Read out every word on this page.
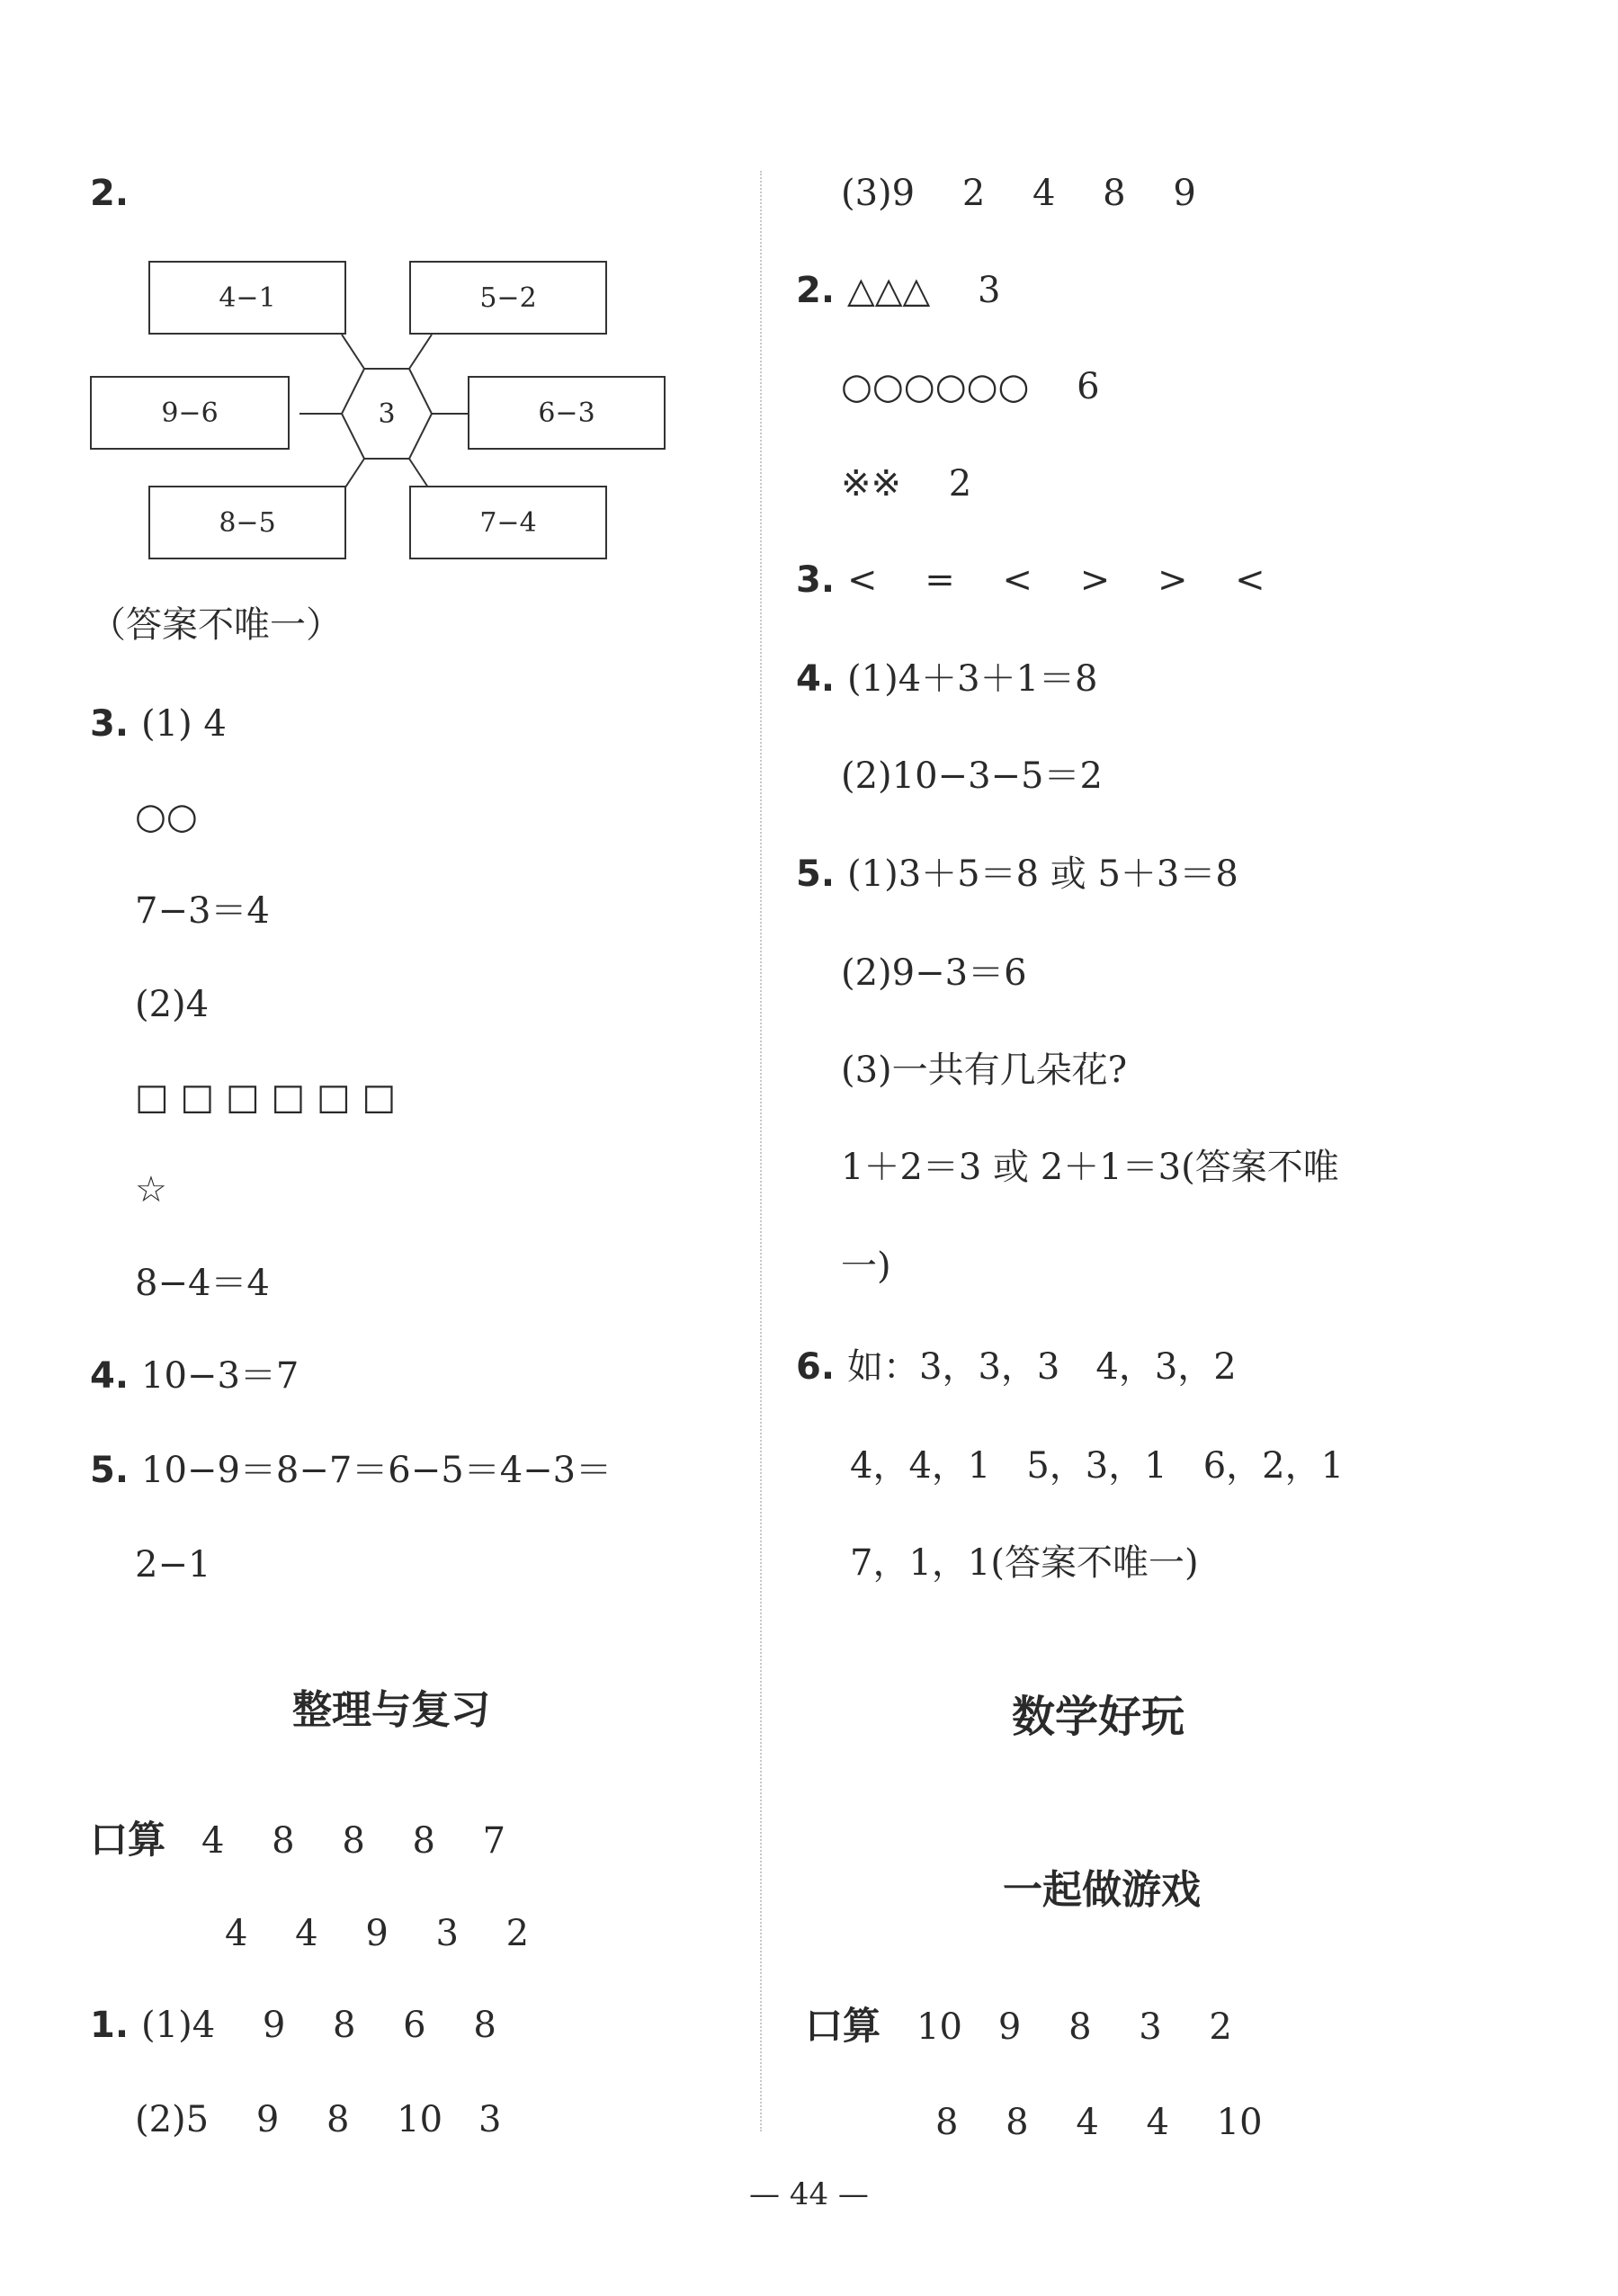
2.
3
4−1	5−2
9−6	6−3
8−5	7−4
（答案不唯一）
3. (1) 4
○○
7−3＝4
(2)4
□ □ □ □ □ □
☆
8−4＝4
4. 10−3＝7
5. 10−9＝8−7＝6−5＝4−3＝
2−1
整理与复习
口算 4　 8　 8　 8　 7
4　 4　 9　 3　 2
1. (1)4　 9　 8　 6　 8
(2)5　 9　 8　 10　3
(3)9　 2　 4　 8　 9
2. △△△　 3
○○○○○○　 6
※※　 2
3. <　 =　 <　 >　 >　 <
4. (1)4＋3＋1＝8
(2)10−3−5＝2
5. (1)3＋5＝8 或 5＋3＝8
(2)9−3＝6
(3)一共有几朵花?
1＋2＝3 或 2＋1＝3(答案不唯
一)
6. 如：3，3，3　4，3，2
4，4，1　5，3，1　6，2，1
7，1，1(答案不唯一)
数学好玩
一起做游戏
口算 10　9　 8　 3　 2
8　 8　 4　 4　 10
— 44 —
